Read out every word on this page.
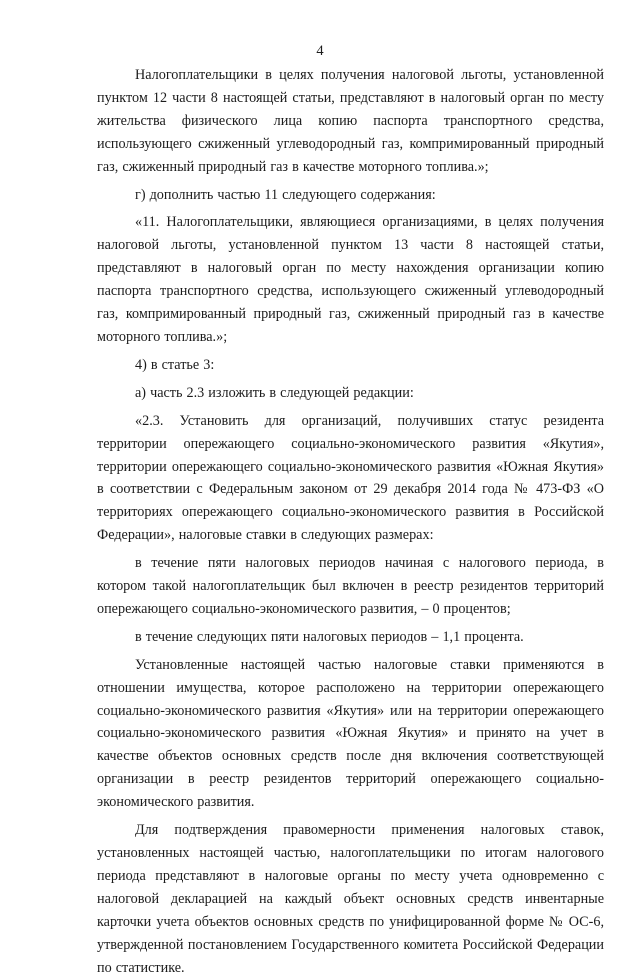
4

Налогоплательщики в целях получения налоговой льготы, установленной пунктом 12 части 8 настоящей статьи, представляют в налоговый орган по месту жительства физического лица копию паспорта транспортного средства, использующего сжиженный углеводородный газ, компримированный природный газ, сжиженный природный газ в качестве моторного топлива.»;

г) дополнить частью 11 следующего содержания:

«11. Налогоплательщики, являющиеся организациями, в целях получения налоговой льготы, установленной пунктом 13 части 8 настоящей статьи, представляют в налоговый орган по месту нахождения организации копию паспорта транспортного средства, использующего сжиженный углеводородный газ, компримированный природный газ, сжиженный природный газ в качестве моторного топлива.»;

4) в статье 3:

а) часть 2.3 изложить в следующей редакции:

«2.3. Установить для организаций, получивших статус резидента территории опережающего социально-экономического развития «Якутия», территории опережающего социально-экономического развития «Южная Якутия» в соответствии с Федеральным законом от 29 декабря 2014 года № 473-ФЗ «О территориях опережающего социально-экономического развития в Российской Федерации», налоговые ставки в следующих размерах:

в течение пяти налоговых периодов начиная с налогового периода, в котором такой налогоплательщик был включен в реестр резидентов территорий опережающего социально-экономического развития, – 0 процентов;

в течение следующих пяти налоговых периодов – 1,1 процента.

Установленные настоящей частью налоговые ставки применяются в отношении имущества, которое расположено на территории опережающего социально-экономического развития «Якутия» или на территории опережающего социально-экономического развития «Южная Якутия» и принято на учет в качестве объектов основных средств после дня включения соответствующей организации в реестр резидентов территорий опережающего социально-экономического развития.

Для подтверждения правомерности применения налоговых ставок, установленных настоящей частью, налогоплательщики по итогам налогового периода представляют в налоговые органы по месту учета одновременно с налоговой декларацией на каждый объект основных средств инвентарные карточки учета объектов основных средств по унифицированной форме № ОС-6, утвержденной постановлением Государственного комитета Российской Федерации по статистике.
